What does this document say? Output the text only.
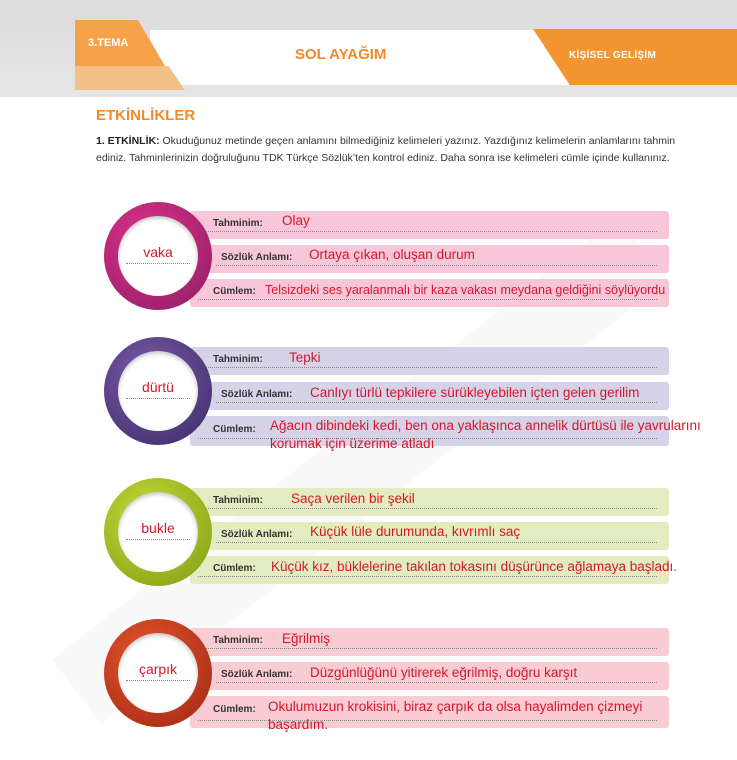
3.TEMA
SOL AYAĞIM	KİŞİSEL GELİŞİM
ETKİNLİKLER
1. ETKİNLİK: Okuduğunuz metinde geçen anlamını bilmediğiniz kelimeleri yazınız. Yazdığınız kelimelerin anlamlarını tahmin ediniz. Tahminlerinizin doğruluğunu TDK Türkçe Sözlük’ten kontrol ediniz. Daha sonra ise kelimeleri cümle içinde kullanınız.
Tahminim:
Sözlük Anlamı:
Cümlem:
Olay
Ortaya çıkan, oluşan durum
Telsizdeki ses yaralanmalı bir kaza vakası meydana geldiğini söylüyordu
vaka
Tahminim:
Sözlük Anlamı:
Cümlem:
Tepki
Canlıyı türlü tepkilere sürükleyebilen içten gelen gerilim
Ağacın dibindeki kedi, ben ona yaklaşınca annelik dürtüsü ile yavrularını korumak için üzerime atladı
dürtü
Tahminim:
Sözlük Anlamı:
Cümlem:
Saça verilen bir şekil
Küçük lüle durumunda, kıvrımlı saç
Küçük kız, büklelerine takılan tokasını düşürünce ağlamaya başladı.
bukle
Tahminim:
Sözlük Anlamı:
Cümlem:
Eğrilmiş
Düzgünlüğünü yitirerek eğrilmiş, doğru karşıt
Okulumuzun krokisini, biraz çarpık da olsa hayalimden çizmeyi başardım.
çarpık
